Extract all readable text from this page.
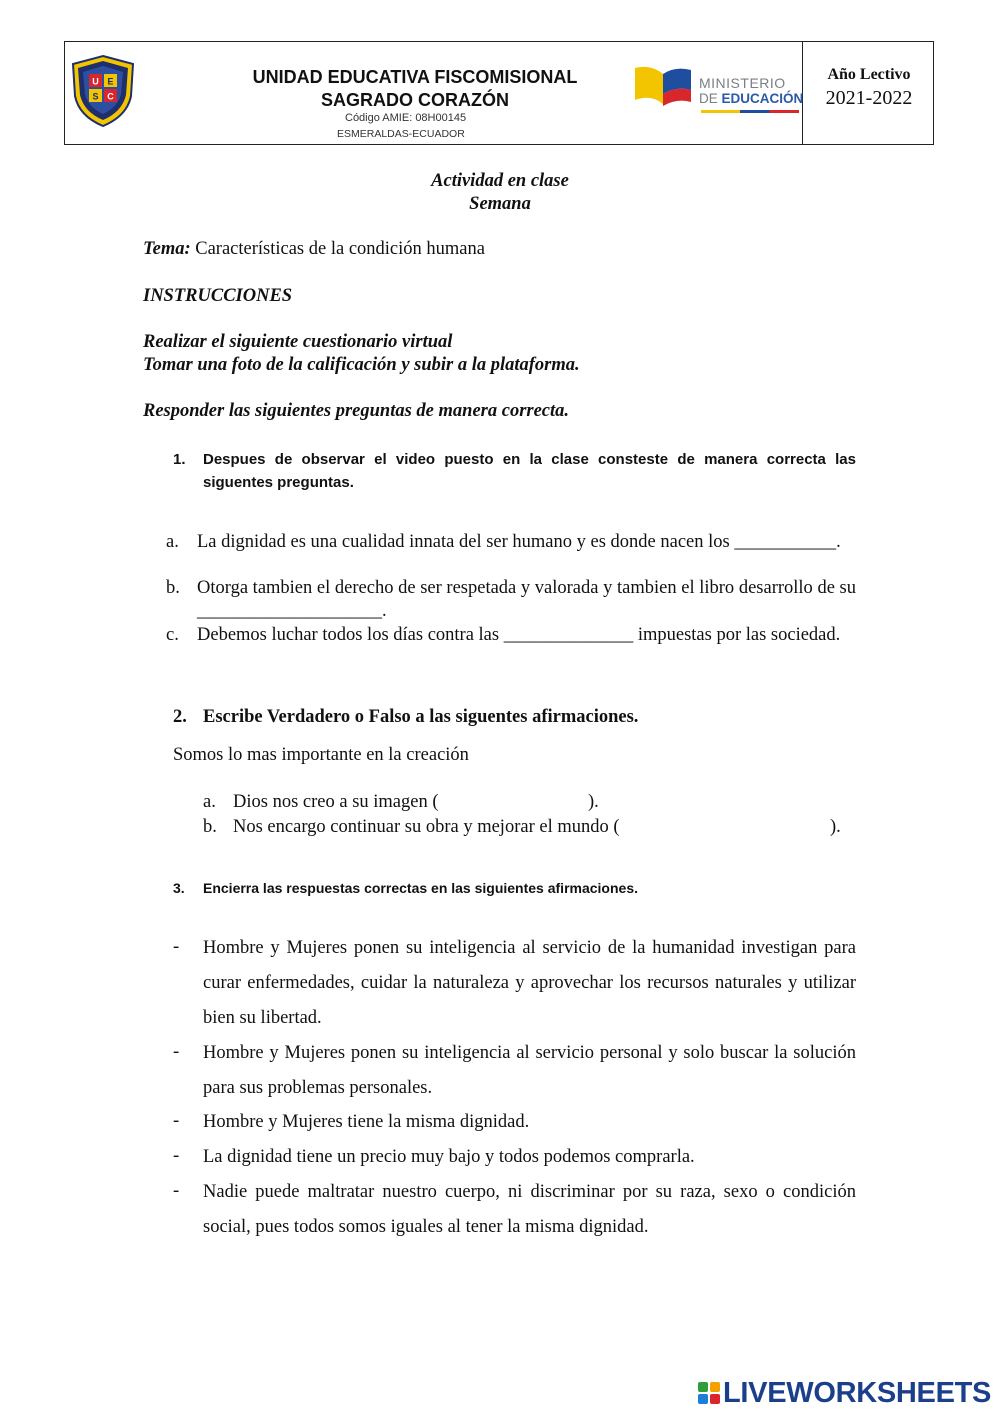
U E
S C
UNIDAD EDUCATIVA FISCOMISIONAL
SAGRADO CORAZÓN
Código AMIE: 08H00145
ESMERALDAS-ECUADOR
MINISTERIO
DE EDUCACIÓN
Año Lectivo
2021-2022
Actividad en clase
Semana
Tema: Características de la condición humana
INSTRUCCIONES
Realizar el siguiente cuestionario virtual
Tomar una foto de la calificación y subir a la plataforma.
Responder las siguientes preguntas de manera correcta.
1. Despues de observar el video puesto en la clase consteste de manera correcta las siguentes preguntas.
a. La dignidad es una cualidad innata del ser humano y es donde nacen los ___________.
b. Otorga tambien el derecho de ser respetada y valorada y tambien el libro desarrollo de su ____________________.
c. Debemos luchar todos los días contra las ______________ impuestas por las sociedad.
2. Escribe Verdadero o Falso a las siguentes afirmaciones.
Somos lo mas importante en la creación
a. Dios nos creo a su imagen (	).
b. Nos encargo continuar su obra y mejorar el mundo (	).
3. Encierra las respuestas correctas en las siguientes afirmaciones.
- Hombre y Mujeres ponen su inteligencia al servicio de la humanidad investigan para curar enfermedades, cuidar la naturaleza y aprovechar los recursos naturales y utilizar bien su libertad.
- Hombre y Mujeres ponen su inteligencia al servicio personal y solo buscar la solución para sus problemas personales.
- Hombre y Mujeres tiene la misma dignidad.
- La dignidad tiene un precio muy bajo y todos podemos comprarla.
- Nadie puede maltratar nuestro cuerpo, ni discriminar por su raza, sexo o condición social, pues todos somos iguales al tener la misma dignidad.
LIVEWORKSHEETS
